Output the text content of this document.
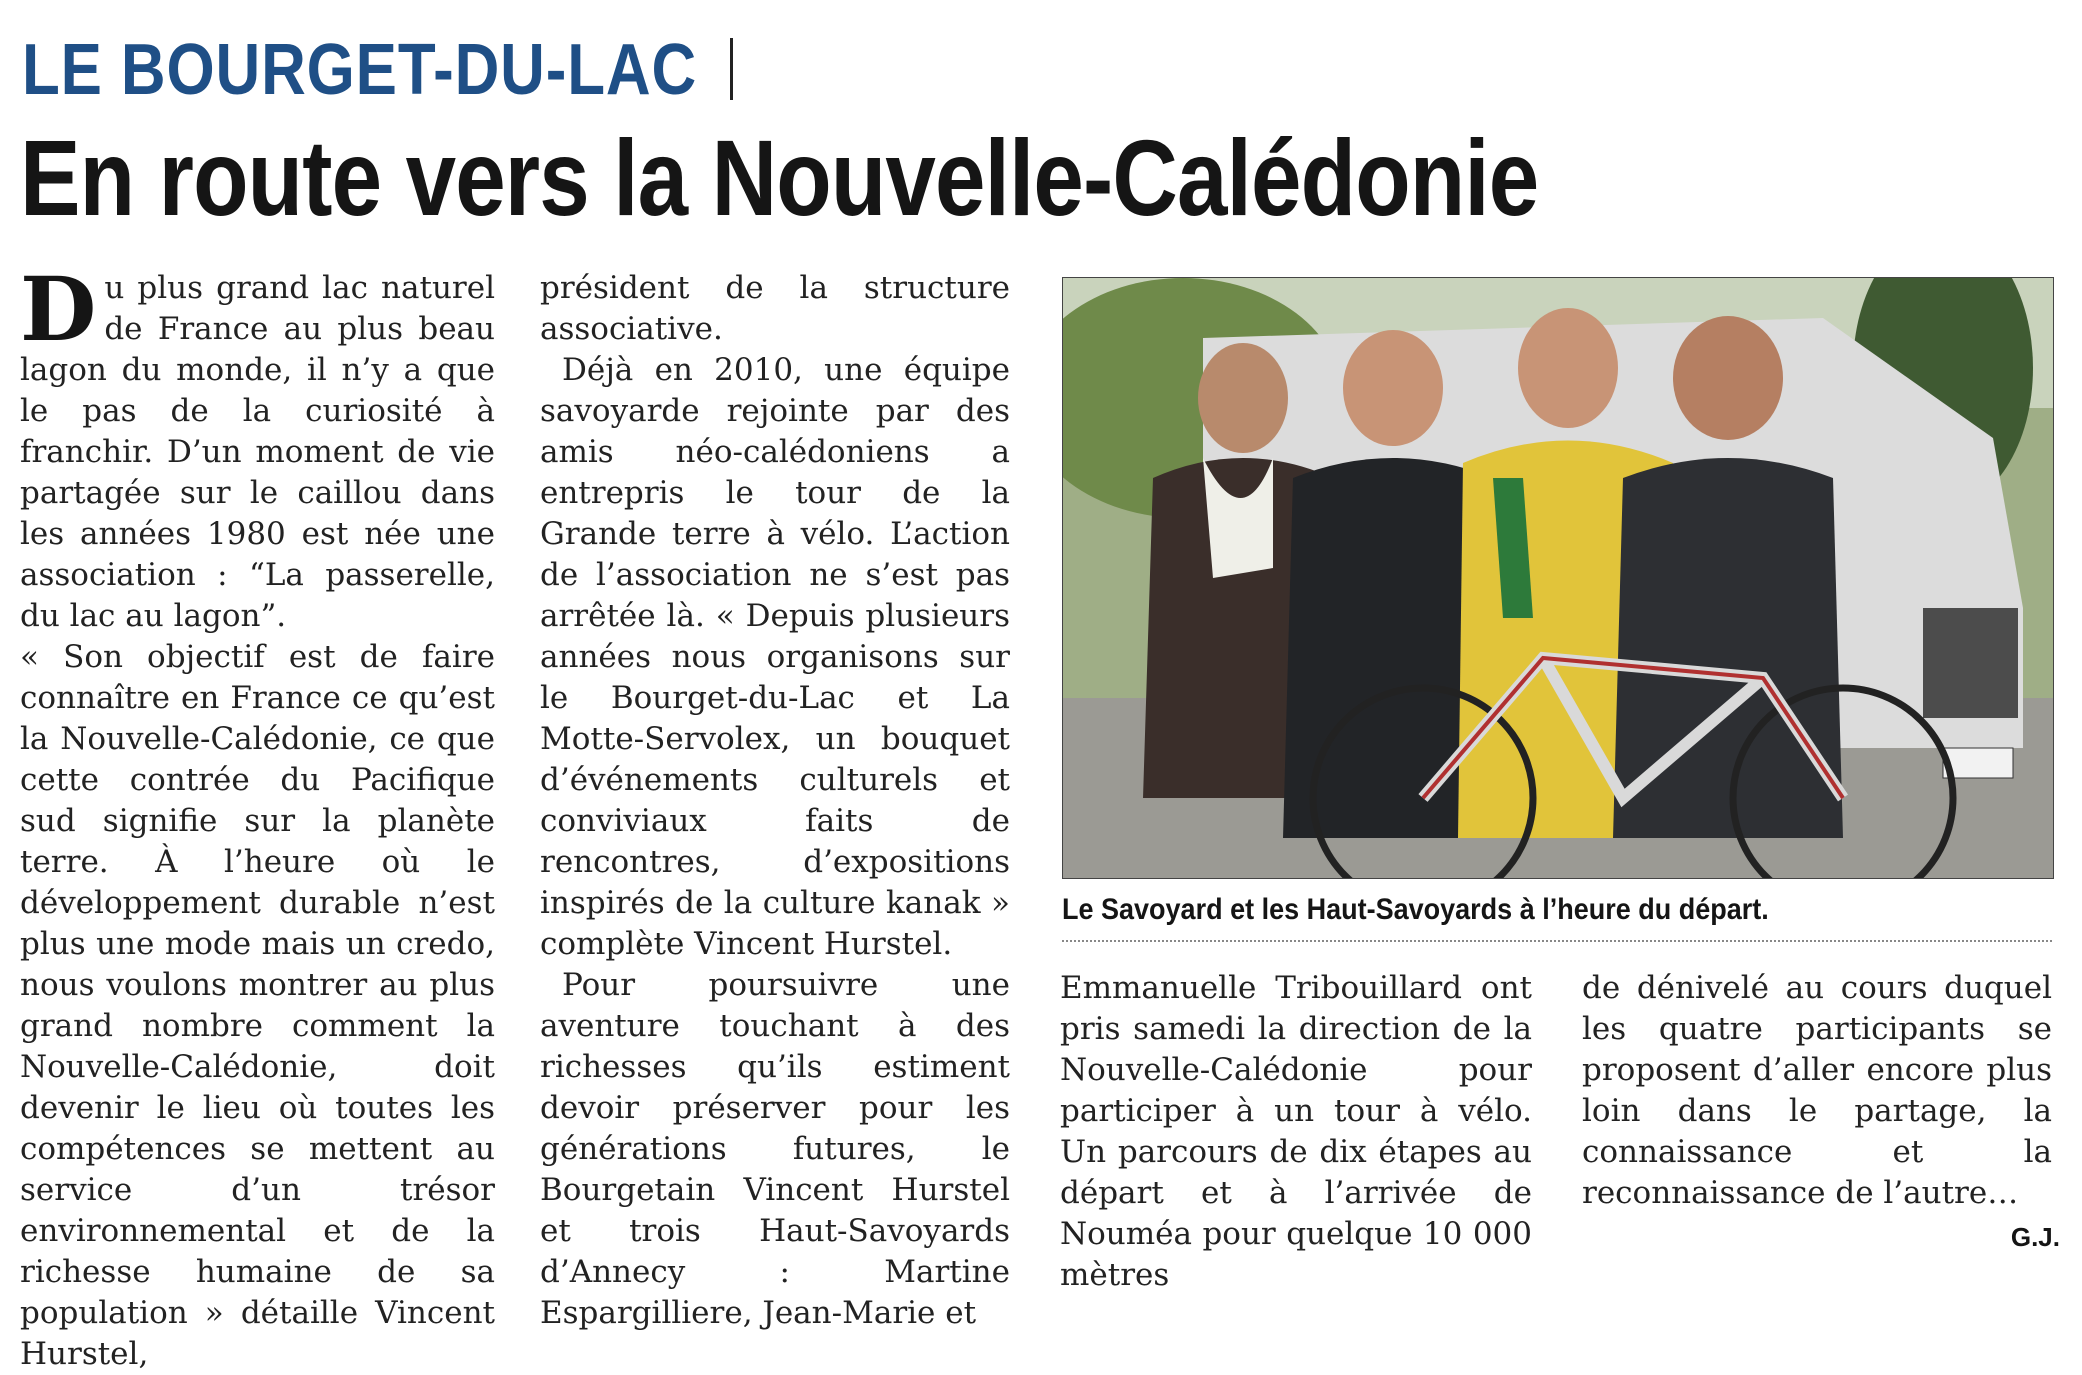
LE BOURGET-DU-LAC
En route vers la Nouvelle-Calédonie
D u plus grand lac naturel de France au plus beau lagon du monde, il n’y a que le pas de la curiosité à franchir. D’un moment de vie partagée sur le caillou dans les années 1980 est née une association : “La passerelle, du lac au lagon”.

« Son objectif est de faire connaître en France ce qu’est la Nouvelle-Calédonie, ce que cette contrée du Pacifique sud signifie sur la planète terre. À l’heure où le développement durable n’est plus une mode mais un credo, nous voulons montrer au plus grand nombre comment la Nouvelle-Calédonie, doit devenir le lieu où toutes les compétences se mettent au service d’un trésor environnemental et de la richesse humaine de sa population » détaille Vincent Hurstel,

président de la structure associative.

Déjà en 2010, une équipe savoyarde rejointe par des amis néo-calédoniens a entrepris le tour de la Grande terre à vélo. L’action de l’association ne s’est pas arrêtée là. « Depuis plusieurs années nous organisons sur le Bourget-du-Lac et La Motte-Servolex, un bouquet d’événements culturels et conviviaux faits de rencontres, d’expositions inspirés de la culture kanak » complète Vincent Hurstel.

Pour poursuivre une aventure touchant à des richesses qu’ils estiment devoir préserver pour les générations futures, le Bourgetain Vincent Hurstel et trois Haut-Savoyards d’Annecy : Martine Espargilliere, Jean-Marie et

Le Savoyard et les Haut-Savoyards à l’heure du départ.

Emmanuelle Tribouillard ont pris samedi la direction de la Nouvelle-Calédonie pour participer à un tour à vélo. Un parcours de dix étapes au départ et à l’arrivée de Nouméa pour quelque 10 000 mètres

de dénivelé au cours duquel les quatre participants se proposent d’aller encore plus loin dans le partage, la connaissance et la reconnaissance de l’autre…

G.J.
